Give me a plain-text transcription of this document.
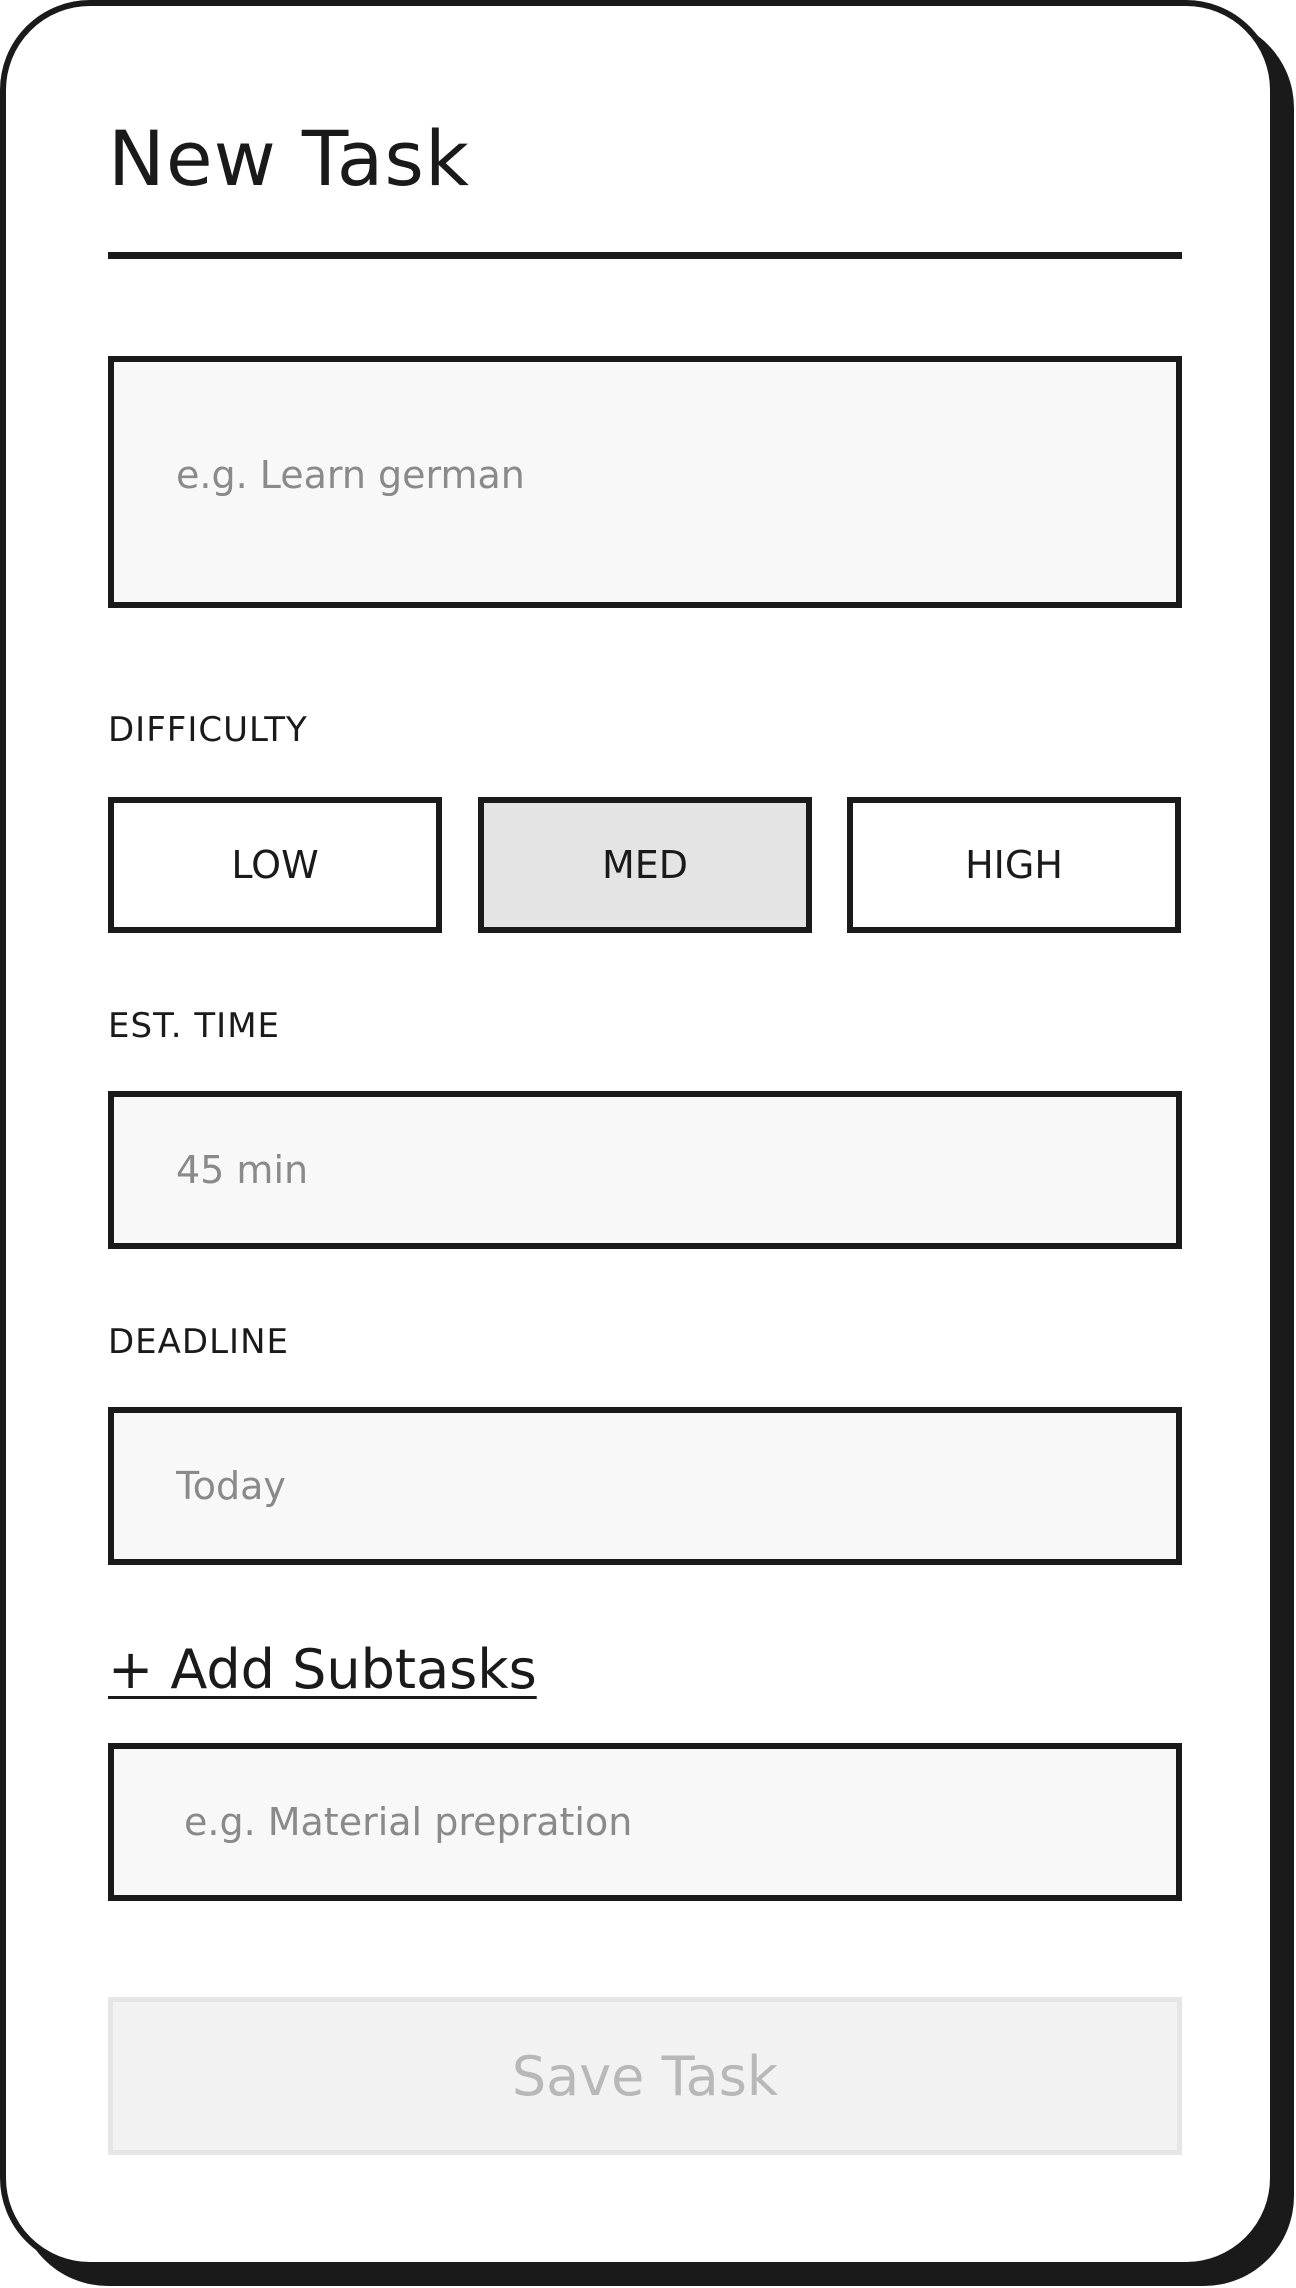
New Task
e.g. Learn german
DIFFICULTY
LOW	MED	HIGH
EST. TIME
45 min
DEADLINE
Today
+ Add Subtasks
e.g. Material prepration
Save Task
